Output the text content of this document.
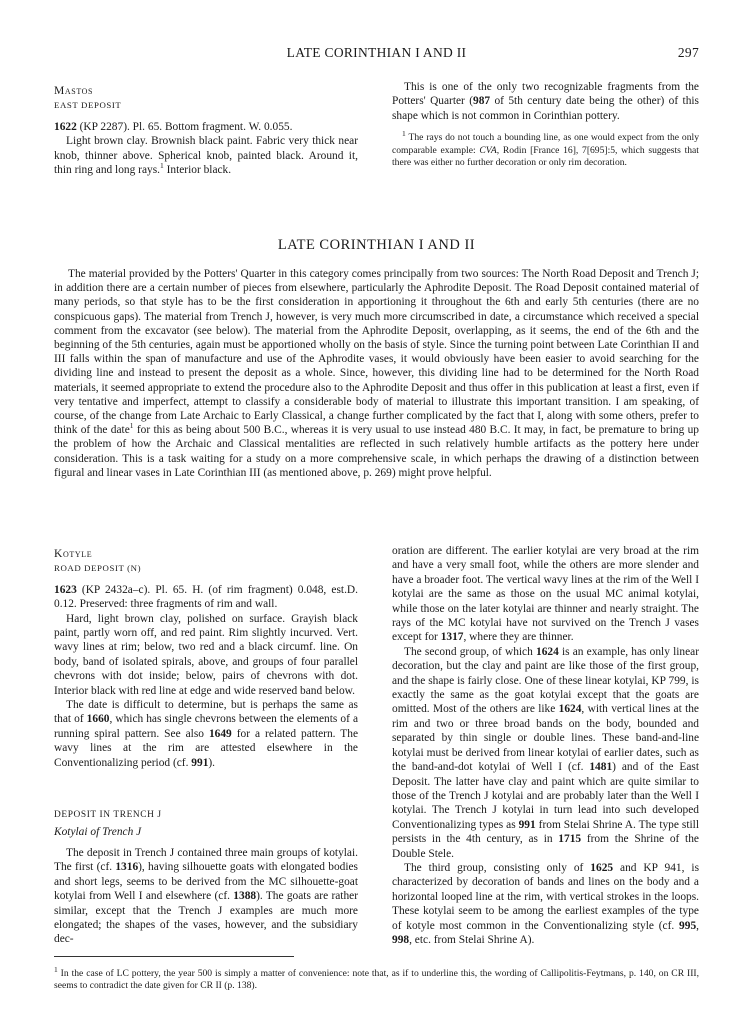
LATE CORINTHIAN I AND II	297
Mastos
EAST DEPOSIT

1622 (KP 2287). Pl. 65. Bottom fragment. W. 0.055.

Light brown clay. Brownish black paint. Fabric very thick near knob, thinner above. Spherical knob, painted black. Around it, thin ring and long rays.$^1$ Interior black.

This is one of the only two recognizable fragments from the Potters' Quarter (987 of 5th century date being the other) of this shape which is not common in Corinthian pottery.

$^1$ The rays do not touch a bounding line, as one would expect from the only comparable example: CVA, Rodin [France 16], 7[695]:5, which suggests that there was either no further decoration or only rim decoration.

LATE CORINTHIAN I AND II

The material provided by the Potters' Quarter in this category comes principally from two sources: The North Road Deposit and Trench J; in addition there are a certain number of pieces from elsewhere, particularly the Aphrodite Deposit. The Road Deposit contained material of many periods, so that style has to be the first consideration in apportioning it throughout the 6th and early 5th centuries (there are no conspicuous gaps). The material from Trench J, however, is very much more circumscribed in date, a circumstance which received a special comment from the excavator (see below). The material from the Aphrodite Deposit, overlapping, as it seems, the end of the 6th and the beginning of the 5th centuries, again must be apportioned wholly on the basis of style. Since the turning point between Late Corinthian II and III falls within the span of manufacture and use of the Aphrodite vases, it would obviously have been easier to avoid searching for the dividing line and instead to present the deposit as a whole. Since, however, this dividing line had to be determined for the North Road materials, it seemed appropriate to extend the procedure also to the Aphrodite Deposit and thus offer in this publication at least a first, even if very tentative and imperfect, attempt to classify a considerable body of material to illustrate this important transition. I am speaking, of course, of the change from Late Archaic to Early Classical, a change further complicated by the fact that I, along with some others, prefer to think of the date$^1$ for this as being about 500 B.C., whereas it is very usual to use instead 480 B.C. It may, in fact, be premature to bring up the problem of how the Archaic and Classical mentalities are reflected in such relatively humble artifacts as the pottery here under consideration. This is a task waiting for a study on a more comprehensive scale, in which perhaps the drawing of a distinction between figural and linear vases in Late Corinthian III (as mentioned above, p. 269) might prove helpful.

Kotyle
ROAD DEPOSIT (N)

1623 (KP 2432a–c). Pl. 65. H. (of rim fragment) 0.048, est.D. 0.12. Preserved: three fragments of rim and wall.

Hard, light brown clay, polished on surface. Grayish black paint, partly worn off, and red paint. Rim slightly incurved. Vert. wavy lines at rim; below, two red and a black circumf. line. On body, band of isolated spirals, above, and groups of four parallel chevrons with dot inside; below, pairs of chevrons with dot. Interior black with red line at edge and wide reserved band below.

The date is difficult to determine, but is perhaps the same as that of 1660, which has single chevrons between the elements of a running spiral pattern. See also 1649 for a related pattern. The wavy lines at the rim are attested elsewhere in the Conventionalizing period (cf. 991).

DEPOSIT IN TRENCH J
Kotylai of Trench J

The deposit in Trench J contained three main groups of kotylai. The first (cf. 1316), having silhouette goats with elongated bodies and short legs, seems to be derived from the MC silhouette-goat kotylai from Well I and elsewhere (cf. 1388). The goats are rather similar, except that the Trench J examples are much more elongated; the shapes of the vases, however, and the subsidiary dec-

oration are different. The earlier kotylai are very broad at the rim and have a very small foot, while the others are more slender and have a broader foot. The vertical wavy lines at the rim of the Well I kotylai are the same as those on the usual MC animal kotylai, while those on the later kotylai are thinner and nearly straight. The rays of the MC kotylai have not survived on the Trench J vases except for 1317, where they are thinner.

The second group, of which 1624 is an example, has only linear decoration, but the clay and paint are like those of the first group, and the shape is fairly close. One of these linear kotylai, KP 799, is exactly the same as the goat kotylai except that the goats are omitted. Most of the others are like 1624, with vertical lines at the rim and two or three broad bands on the body, bounded and separated by thin single or double lines. These band-and-line kotylai must be derived from linear kotylai of earlier dates, such as the band-and-dot kotylai of Well I (cf. 1481) and of the East Deposit. The latter have clay and paint which are quite similar to those of the Trench J kotylai and are probably later than the Well I kotylai. The Trench J kotylai in turn lead into such developed Conventionalizing types as 991 from Stelai Shrine A. The type still persists in the 4th century, as in 1715 from the Shrine of the Double Stele.

The third group, consisting only of 1625 and KP 941, is characterized by decoration of bands and lines on the body and a horizontal looped line at the rim, with vertical strokes in the loops. These kotylai seem to be among the earliest examples of the type of kotyle most common in the Conventionalizing style (cf. 995, 998, etc. from Stelai Shrine A).

$^1$ In the case of LC pottery, the year 500 is simply a matter of convenience: note that, as if to underline this, the wording of Callipolitis-Feytmans, p. 140, on CR III, seems to contradict the date given for CR II (p. 138).
